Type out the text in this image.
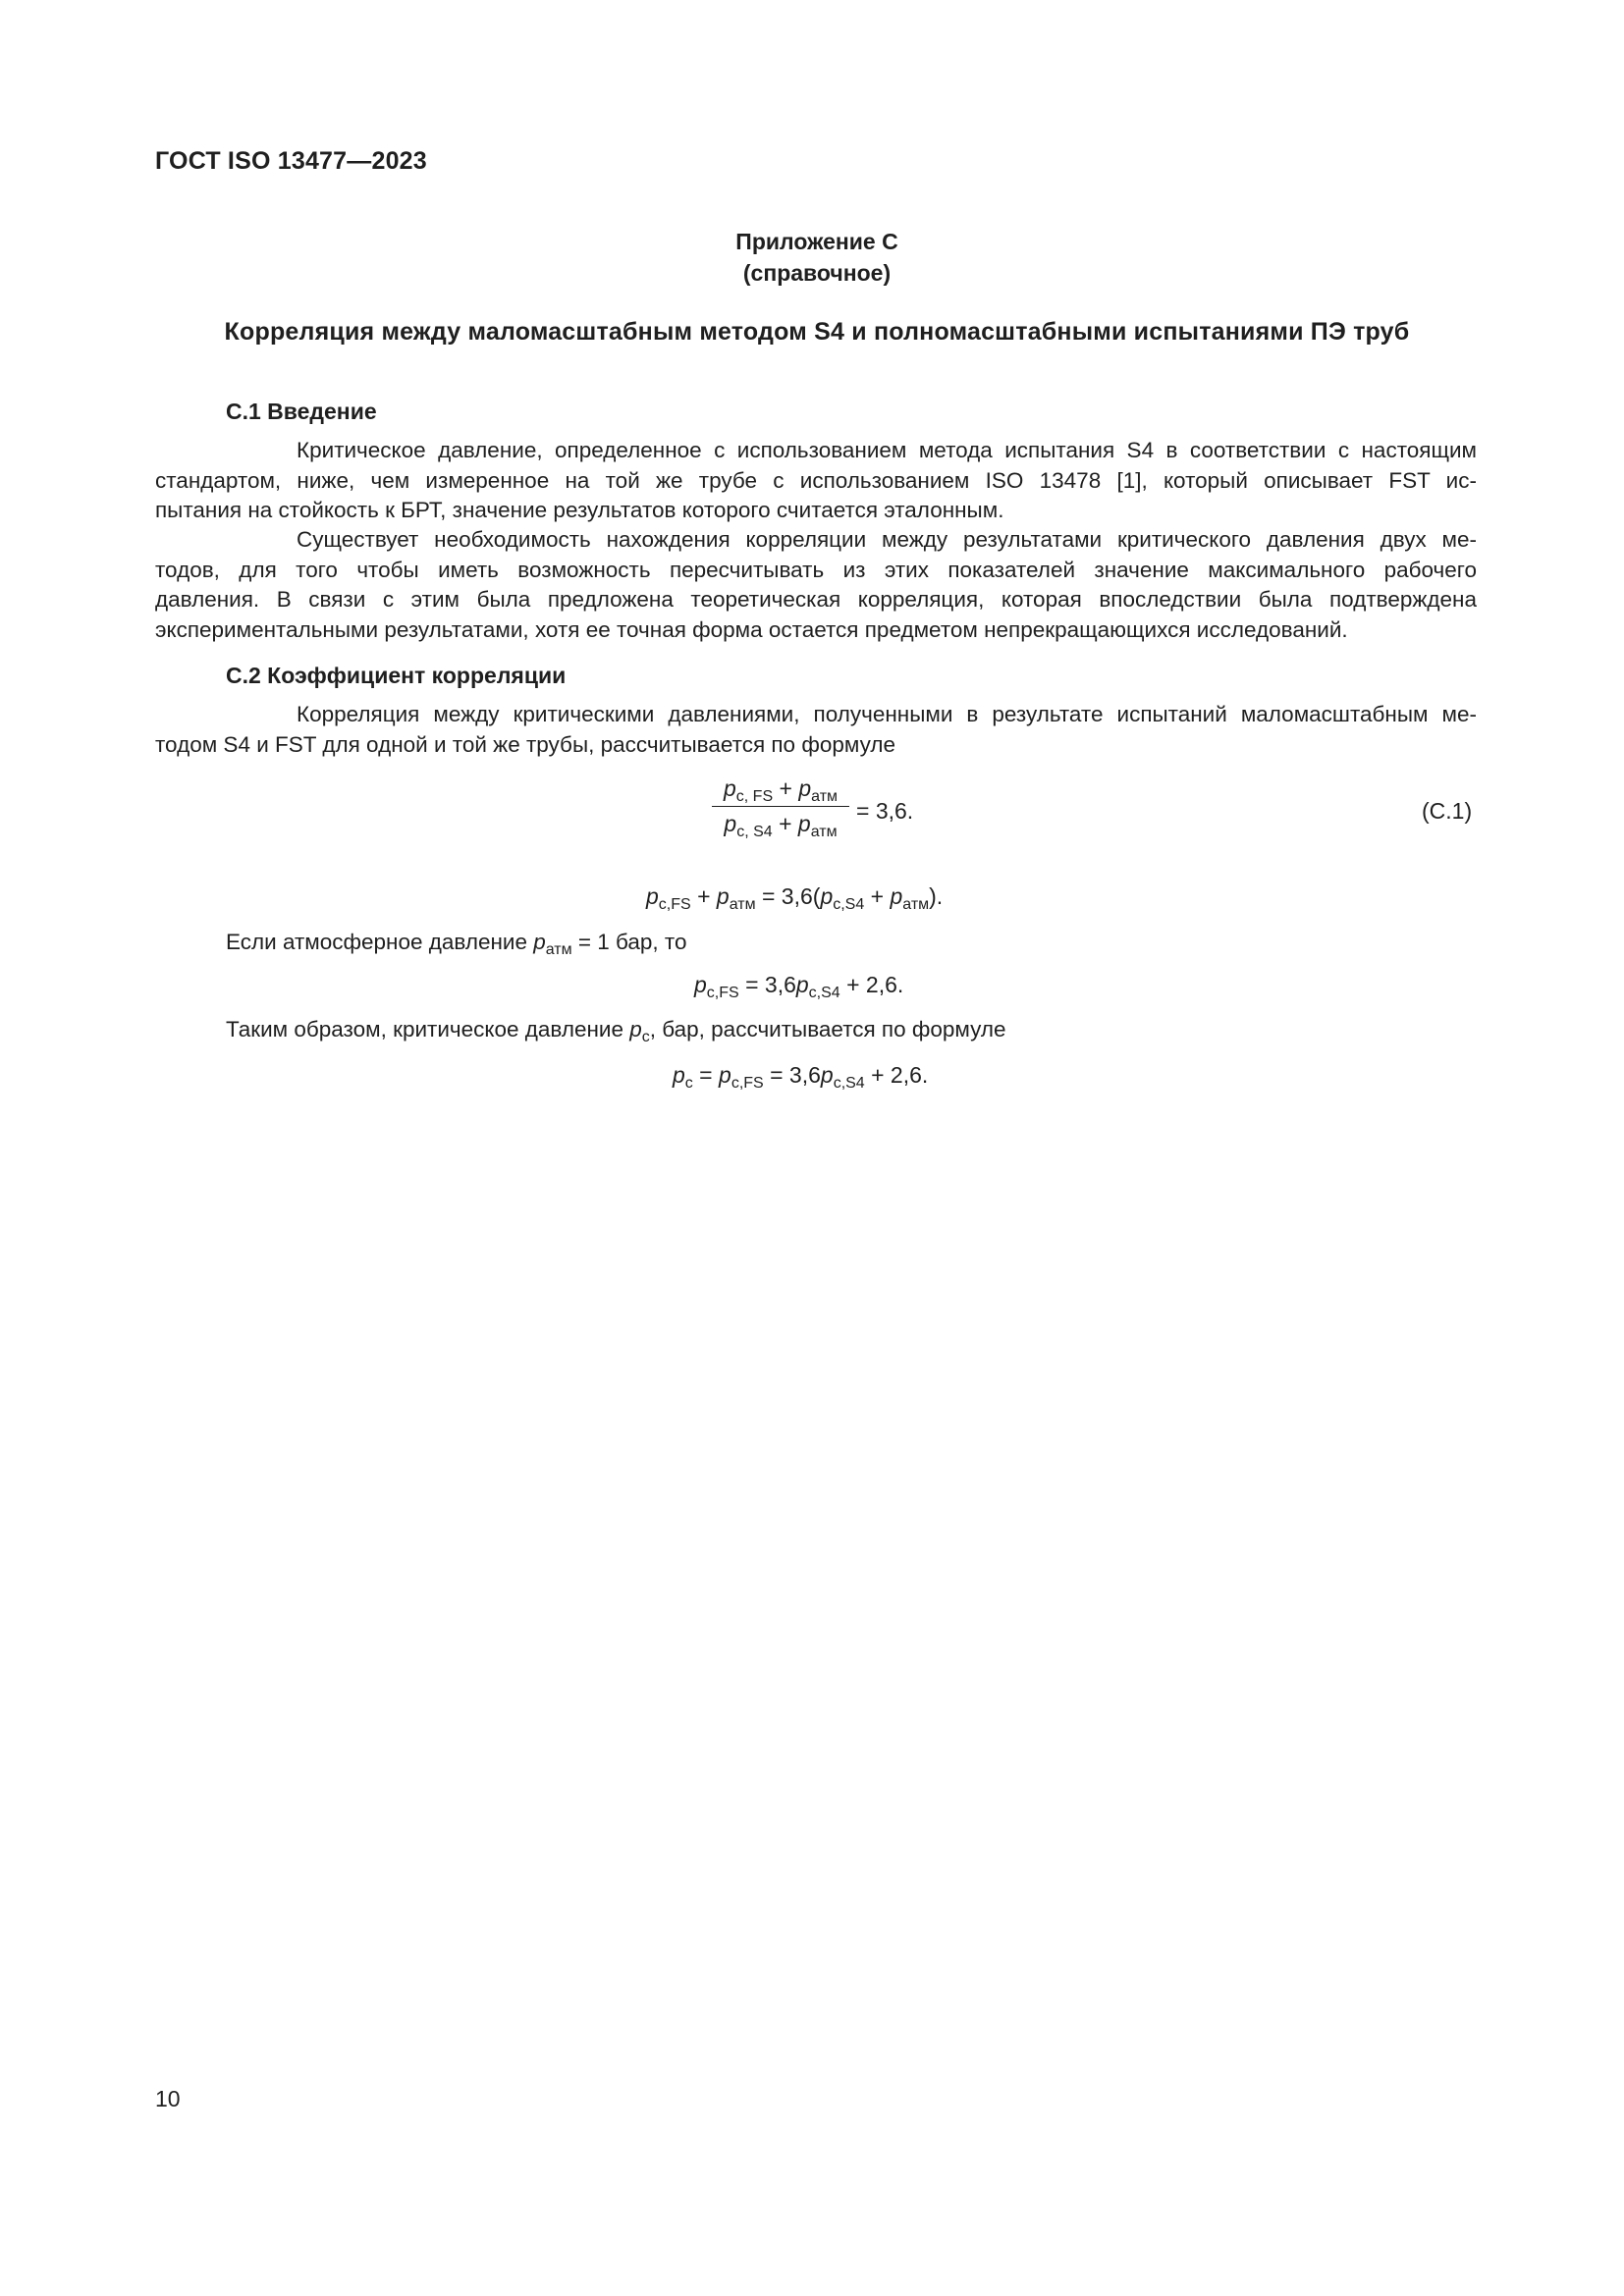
ГОСТ ISO 13477—2023
Приложение С
(справочное)
Корреляция между маломасштабным методом S4 и полномасштабными испытаниями ПЭ труб
С.1 Введение

Критическое давление, определенное с использованием метода испытания S4 в соответствии с настоящим
стандартом, ниже, чем измеренное на той же трубе с использованием ISO 13478 [1], который описывает FST ис-
пытания на стойкость к БРТ, значение результатов которого считается эталонным.

Существует необходимость нахождения корреляции между результатами критического давления двух ме-
тодов, для того чтобы иметь возможность пересчитывать из этих показателей значение максимального рабочего
давления. В связи с этим была предложена теоретическая корреляция, которая впоследствии была подтверждена
экспериментальными результатами, хотя ее точная форма остается предметом непрекращающихся исследований.

С.2 Коэффициент корреляции

Корреляция между критическими давлениями, полученными в результате испытаний маломасштабным ме-
тодом S4 и FST для одной и той же трубы, рассчитывается по формуле

$p_{c, FS} + p_{атм}$
$p_{c, S4} + p_{атм}$
= 3,6.	(С.1)
$p_{c,FS} + p_{атм} = 3,6(p_{c,S4} + p_{атм})$.
Если атмосферное давление $p_{атм} = 1$ бар, то
$p_{c,FS} = 3,6p_{c,S4} + 2,6$.
Таким образом, критическое давление $p_c$, бар, рассчитывается по формуле
$p_c = p_{c,FS} = 3,6p_{c,S4} + 2,6$.
10
